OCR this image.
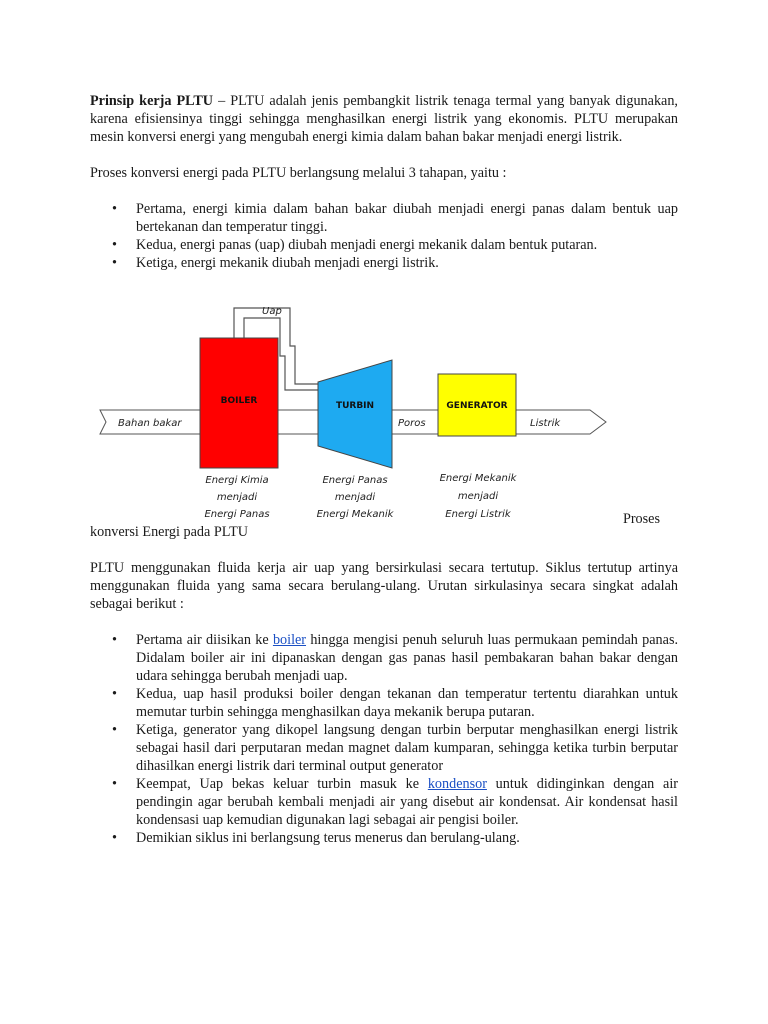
Prinsip kerja PLTU – PLTU adalah jenis pembangkit listrik tenaga termal yang banyak digunakan, karena efisiensinya tinggi sehingga menghasilkan energi listrik yang ekonomis. PLTU merupakan mesin konversi energi yang mengubah energi kimia dalam bahan bakar menjadi energi listrik.

Proses konversi energi pada PLTU berlangsung melalui 3 tahapan, yaitu :

• Pertama, energi kimia dalam bahan bakar diubah menjadi energi panas dalam bentuk uap bertekanan dan temperatur tinggi.
• Kedua, energi panas (uap) diubah menjadi energi mekanik dalam bentuk putaran.
• Ketiga, energi mekanik diubah menjadi energi listrik.
Uap
BOILER	TURBIN	GENERATOR
Bahan bakar	Poros	Listrik
Energi Kimia
menjadi
Energi Panas
Energi Panas
menjadi
Energi Mekanik
Energi Mekanik
menjadi
Energi Listrik	Proses

konversi Energi pada PLTU

PLTU menggunakan fluida kerja air uap yang bersirkulasi secara tertutup. Siklus tertutup artinya menggunakan fluida yang sama secara berulang-ulang. Urutan sirkulasinya secara singkat adalah sebagai berikut :

• Pertama air diisikan ke boiler hingga mengisi penuh seluruh luas permukaan pemindah panas. Didalam boiler air ini dipanaskan dengan gas panas hasil pembakaran bahan bakar dengan udara sehingga berubah menjadi uap.
• Kedua, uap hasil produksi boiler dengan tekanan dan temperatur tertentu diarahkan untuk memutar turbin sehingga menghasilkan daya mekanik berupa putaran.
• Ketiga, generator yang dikopel langsung dengan turbin berputar menghasilkan energi listrik sebagai hasil dari perputaran medan magnet dalam kumparan, sehingga ketika turbin berputar dihasilkan energi listrik dari terminal output generator
• Keempat, Uap bekas keluar turbin masuk ke kondensor untuk didinginkan dengan air pendingin agar berubah kembali menjadi air yang disebut air kondensat. Air kondensat hasil kondensasi uap kemudian digunakan lagi sebagai air pengisi boiler.
• Demikian siklus ini berlangsung terus menerus dan berulang-ulang.
